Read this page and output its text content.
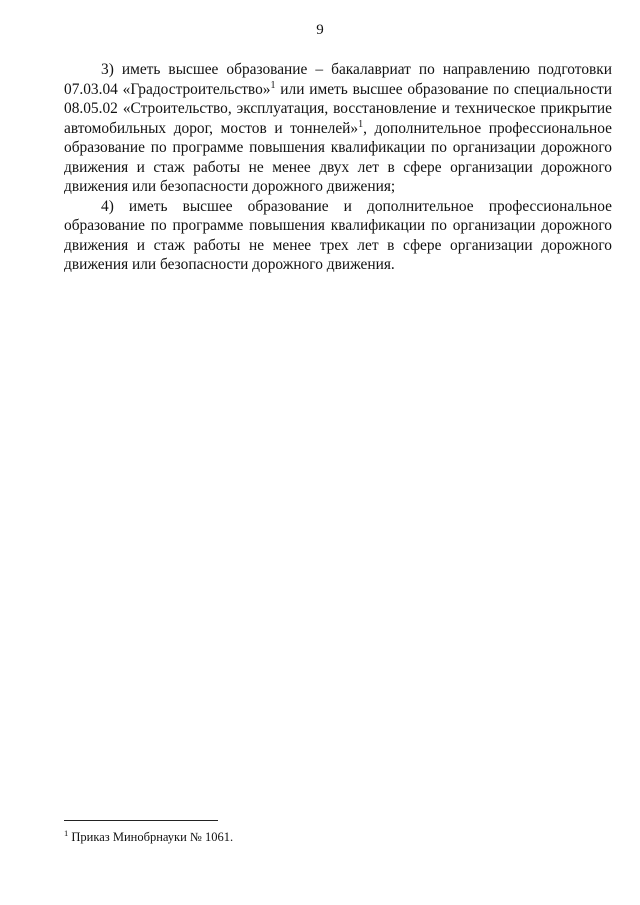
9

3) иметь высшее образование – бакалавриат по направлению подготовки 07.03.04 «Градостроительство»$^1$ или иметь высшее образование по специальности 08.05.02 «Строительство, эксплуатация, восстановление и техническое прикрытие автомобильных дорог, мостов и тоннелей»$^1$, дополнительное профессиональное образование по программе повышения квалификации по организации дорожного движения и стаж работы не менее двух лет в сфере организации дорожного движения или безопасности дорожного движения;

4) иметь высшее образование и дополнительное профессиональное образование по программе повышения квалификации по организации дорожного движения и стаж работы не менее трех лет в сфере организации дорожного движения или безопасности дорожного движения.

$^1$ Приказ Минобрнауки № 1061.
